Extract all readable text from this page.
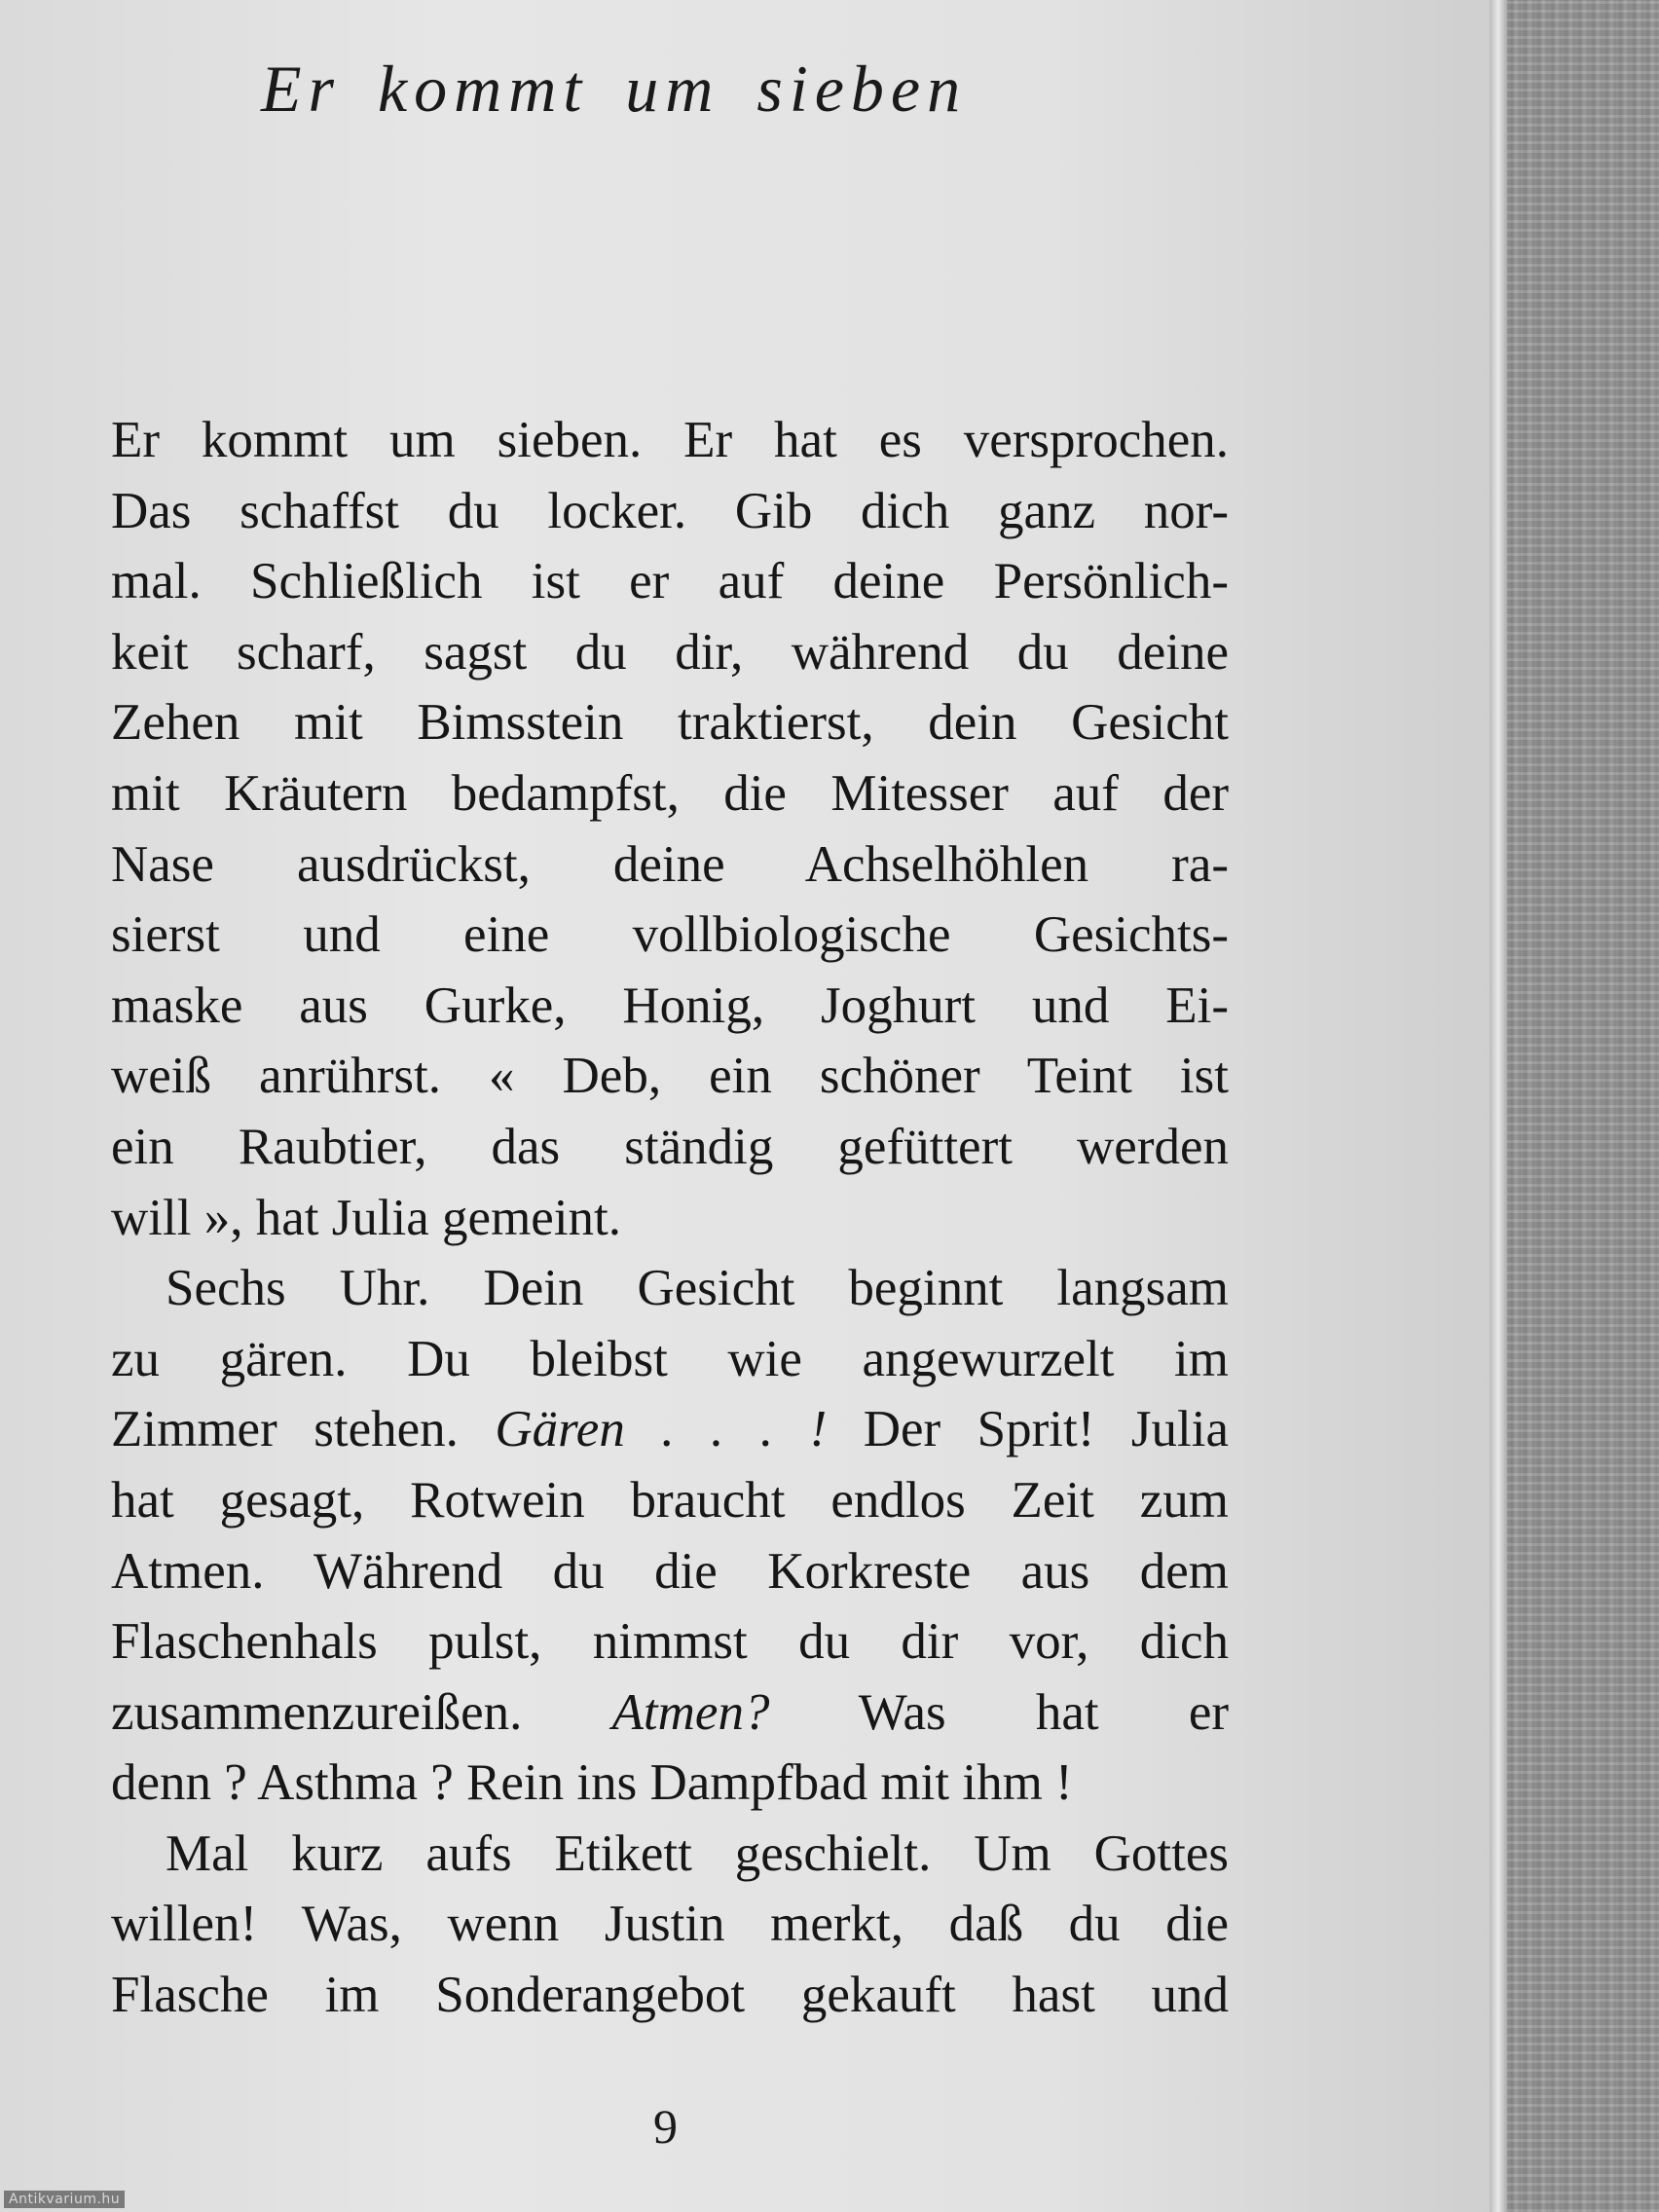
Er kommt um sieben
Er kommt um sieben. Er hat es versprochen.
Das schaffst du locker. Gib dich ganz nor-
mal. Schließlich ist er auf deine Persönlich-
keit scharf, sagst du dir, während du deine
Zehen mit Bimsstein traktierst, dein Gesicht
mit Kräutern bedampfst, die Mitesser auf der
Nase ausdrückst, deine Achselhöhlen ra-
sierst und eine vollbiologische Gesichts-
maske aus Gurke, Honig, Joghurt und Ei-
weiß anrührst. « Deb, ein schöner Teint ist
ein Raubtier, das ständig gefüttert werden
will », hat Julia gemeint.
Sechs Uhr. Dein Gesicht beginnt langsam
zu gären. Du bleibst wie angewurzelt im
Zimmer stehen. Gären . . . ! Der Sprit! Julia
hat gesagt, Rotwein braucht endlos Zeit zum
Atmen. Während du die Korkreste aus dem
Flaschenhals pulst, nimmst du dir vor, dich
zusammenzureißen. Atmen? Was hat er
denn ? Asthma ? Rein ins Dampfbad mit ihm !
Mal kurz aufs Etikett geschielt. Um Gottes
willen! Was, wenn Justin merkt, daß du die
Flasche im Sonderangebot gekauft hast und
9
Antikvarium.hu
